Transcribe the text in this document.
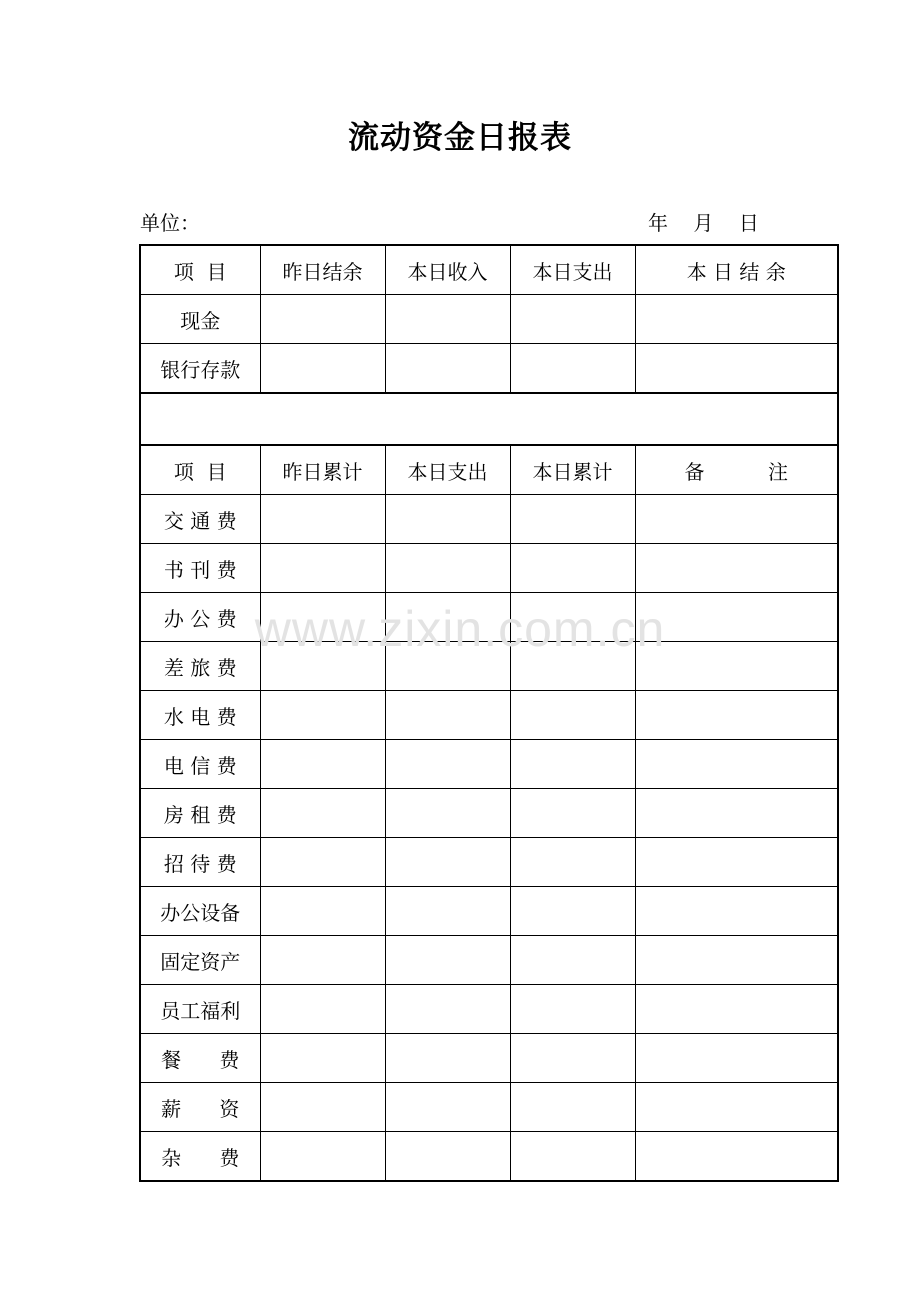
流动资金日报表
单位：	年    月    日
项  目	昨日结余	本日收入	本日支出	本 日 结 余
现金				
银行存款				

项  目	昨日累计	本日支出	本日累计	备          注
交 通 费				
书 刊 费				
办 公 费				
差 旅 费				
水 电 费				
电 信 费				
房 租 费				
招 待 费				
办公设备				
固定资产				
员工福利				
餐      费				
薪      资				
杂      费				
www.zixin.com.cn
